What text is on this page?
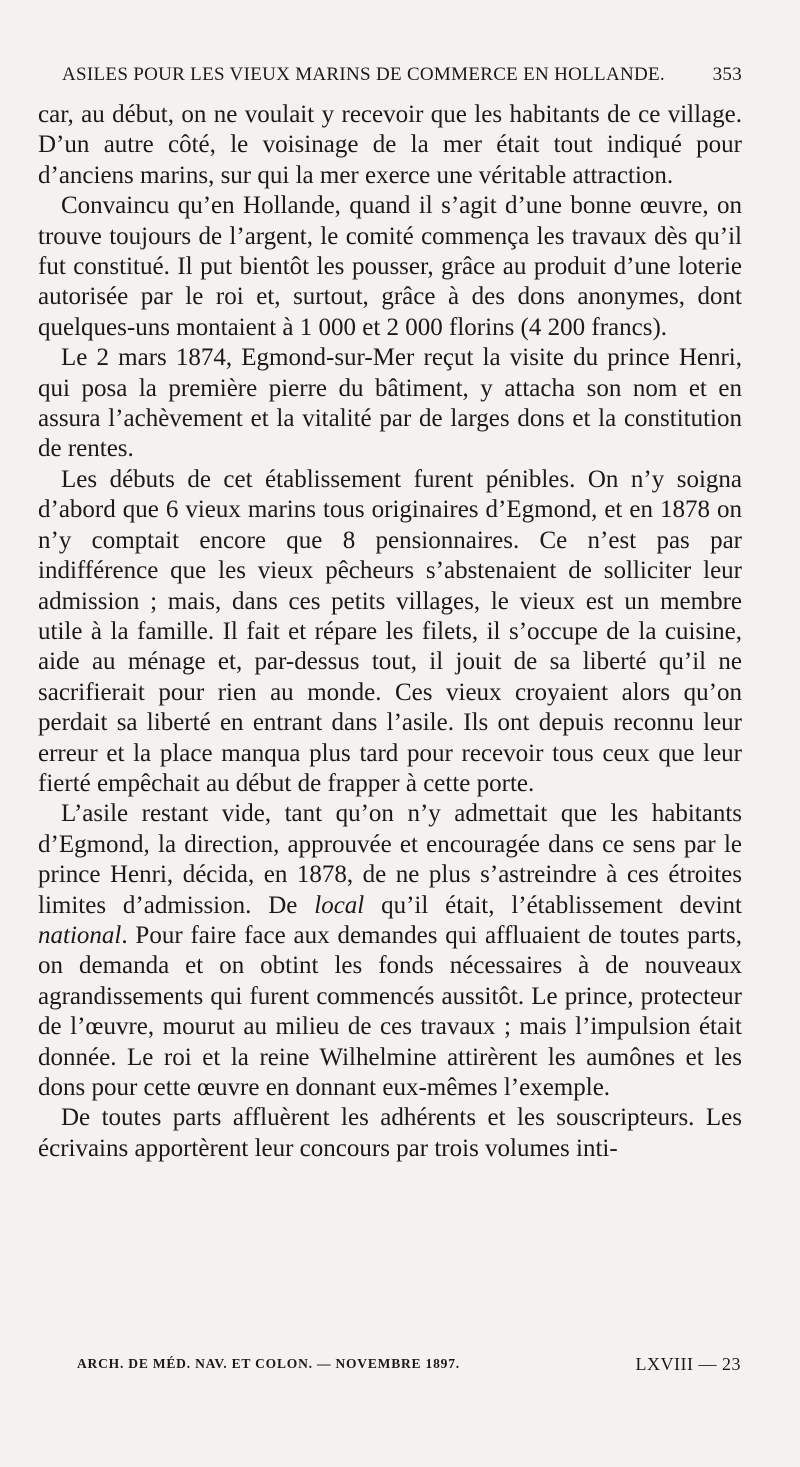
ASILES POUR LES VIEUX MARINS DE COMMERCE EN HOLLANDE.	353

car, au début, on ne voulait y recevoir que les habitants de ce village. D’un autre côté, le voisinage de la mer était tout indiqué pour d’anciens marins, sur qui la mer exerce une véritable attraction.

Convaincu qu’en Hollande, quand il s’agit d’une bonne œuvre, on trouve toujours de l’argent, le comité commença les travaux dès qu’il fut constitué. Il put bientôt les pousser, grâce au produit d’une loterie autorisée par le roi et, surtout, grâce à des dons anonymes, dont quelques-uns montaient à 1 000 et 2 000 florins (4 200 francs).

Le 2 mars 1874, Egmond-sur-Mer reçut la visite du prince Henri, qui posa la première pierre du bâtiment, y attacha son nom et en assura l’achèvement et la vitalité par de larges dons et la constitution de rentes.

Les débuts de cet établissement furent pénibles. On n’y soigna d’abord que 6 vieux marins tous originaires d’Egmond, et en 1878 on n’y comptait encore que 8 pensionnaires. Ce n’est pas par indifférence que les vieux pêcheurs s’abstenaient de solliciter leur admission ; mais, dans ces petits villages, le vieux est un membre utile à la famille. Il fait et répare les filets, il s’occupe de la cuisine, aide au ménage et, par-dessus tout, il jouit de sa liberté qu’il ne sacrifierait pour rien au monde. Ces vieux croyaient alors qu’on perdait sa liberté en entrant dans l’asile. Ils ont depuis reconnu leur erreur et la place manqua plus tard pour recevoir tous ceux que leur fierté empêchait au début de frapper à cette porte.

L’asile restant vide, tant qu’on n’y admettait que les habitants d’Egmond, la direction, approuvée et encouragée dans ce sens par le prince Henri, décida, en 1878, de ne plus s’astreindre à ces étroites limites d’admission. De local qu’il était, l’établissement devint national. Pour faire face aux demandes qui affluaient de toutes parts, on demanda et on obtint les fonds nécessaires à de nouveaux agrandissements qui furent commencés aussitôt. Le prince, protecteur de l’œuvre, mourut au milieu de ces travaux ; mais l’impulsion était donnée. Le roi et la reine Wilhelmine attirèrent les aumônes et les dons pour cette œuvre en donnant eux-mêmes l’exemple.

De toutes parts affluèrent les adhérents et les souscripteurs. Les écrivains apportèrent leur concours par trois volumes inti-

ARCH. DE MÉD. NAV. ET COLON. — NOVEMBRE 1897.	LXVIII — 23
